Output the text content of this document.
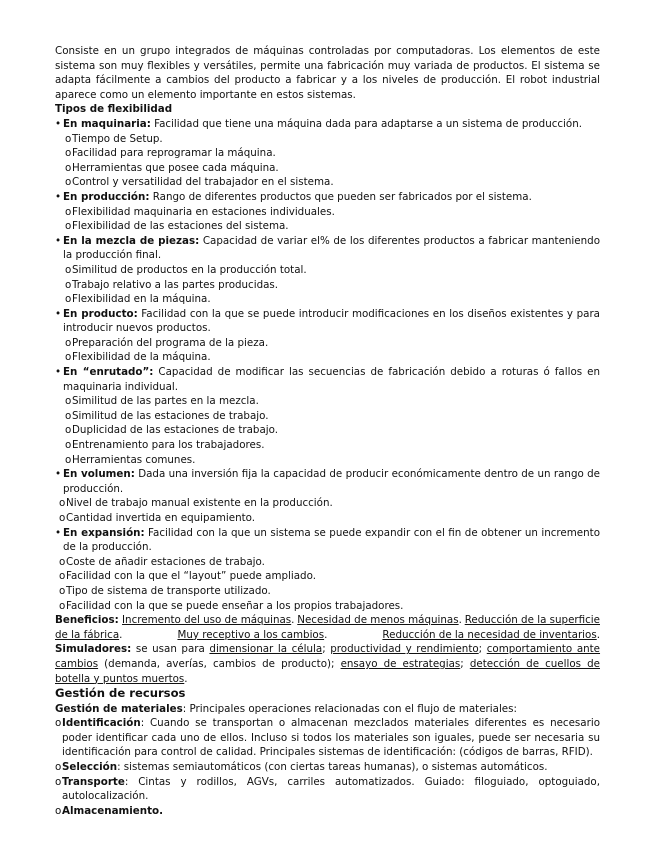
Consiste en un grupo integrados de máquinas controladas por computadoras. Los elementos de este sistema son muy flexibles y versátiles, permite una fabricación muy variada de productos. El sistema se adapta fácilmente a cambios del producto a fabricar y a los niveles de producción. El robot industrial aparece como un elemento importante en estos sistemas.

Tipos de flexibilidad

• En maquinaria: Facilidad que tiene una máquina dada para adaptarse a un sistema de producción.
o Tiempo de Setup.
o Facilidad para reprogramar la máquina.
o Herramientas que posee cada máquina.
o Control y versatilidad del trabajador en el sistema.
• En producción: Rango de diferentes productos que pueden ser fabricados por el sistema.
o Flexibilidad maquinaria en estaciones individuales.
o Flexibilidad de las estaciones del sistema.
• En la mezcla de piezas: Capacidad de variar el% de los diferentes productos a fabricar manteniendo la producción final.
o Similitud de productos en la producción total.
o Trabajo relativo a las partes producidas.
o Flexibilidad en la máquina.
• En producto: Facilidad con la que se puede introducir modificaciones en los diseños existentes y para introducir nuevos productos.
o Preparación del programa de la pieza.
o Flexibilidad de la máquina.
• En “enrutado”: Capacidad de modificar las secuencias de fabricación debido a roturas ó fallos en maquinaria individual.
o Similitud de las partes en la mezcla.
o Similitud de las estaciones de trabajo.
o Duplicidad de las estaciones de trabajo.
o Entrenamiento para los trabajadores.
o Herramientas comunes.
• En volumen: Dada una inversión fija la capacidad de producir económicamente dentro de un rango de producción.
o Nivel de trabajo manual existente en la producción.
o Cantidad invertida en equipamiento.
• En expansión: Facilidad con la que un sistema se puede expandir con el fin de obtener un incremento de la producción.
o Coste de añadir estaciones de trabajo.
o Facilidad con la que el “layout” puede ampliado.
o Tipo de sistema de transporte utilizado.
o Facilidad con la que se puede enseñar a los propios trabajadores.
Beneficios: Incremento del uso de máquinas. Necesidad de menos máquinas. Reducción de la superficie
de la fábrica.	Muy receptivo a los cambios.	Reducción de la necesidad de inventarios.

Simuladores: se usan para dimensionar la célula; productividad y rendimiento; comportamiento ante cambios (demanda, averías, cambios de producto); ensayo de estrategias; detección de cuellos de botella y puntos muertos.

Gestión de recursos

Gestión de materiales: Principales operaciones relacionadas con el flujo de materiales:

o Identificación: Cuando se transportan o almacenan mezclados materiales diferentes es necesario poder identificar cada uno de ellos. Incluso si todos los materiales son iguales, puede ser necesaria su identificación para control de calidad. Principales sistemas de identificación: (códigos de barras, RFID).
o Selección: sistemas semiautomáticos (con ciertas tareas humanas), o sistemas automáticos.
o Transporte: Cintas y rodillos, AGVs, carriles automatizados. Guiado: filoguiado, optoguiado, autolocalización.
o Almacenamiento.
